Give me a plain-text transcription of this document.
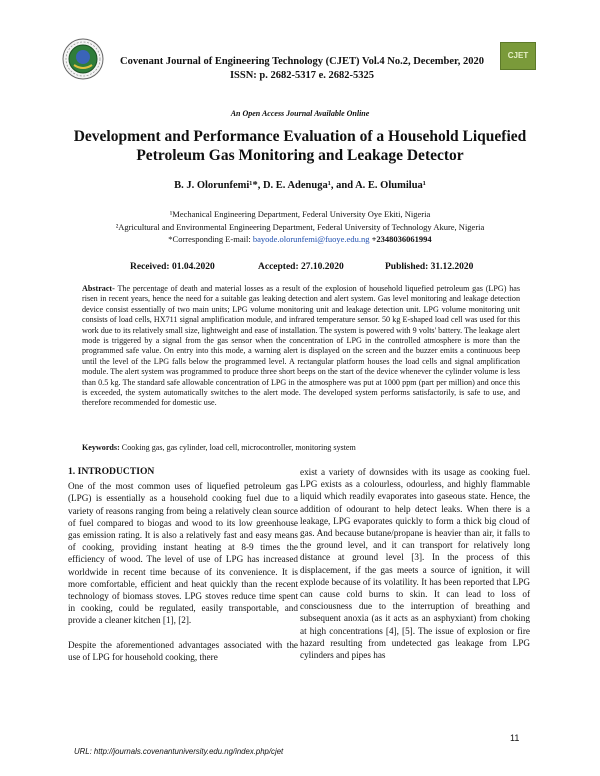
Covenant Journal of Engineering Technology (CJET) Vol.4 No.2, December, 2020
ISSN: p. 2682-5317 e. 2682-5325
CJET
An Open Access Journal Available Online
Development and Performance Evaluation of a Household Liquefied Petroleum Gas Monitoring and Leakage Detector
B. J. Olorunfemi¹*, D. E. Adenuga¹, and A. E. Olumilua¹
¹Mechanical Engineering Department, Federal University Oye Ekiti, Nigeria
²Agricultural and Environmental Engineering Department, Federal University of Technology Akure, Nigeria
*Corresponding E-mail: bayode.olorunfemi@fuoye.edu.ng +2348036061994
Received: 01.04.2020	Accepted: 27.10.2020	Published: 31.12.2020
Abstract- The percentage of death and material losses as a result of the explosion of household liquefied petroleum gas (LPG) has risen in recent years, hence the need for a suitable gas leaking detection and alert system. Gas level monitoring and leakage detection device consist essentially of two main units; LPG volume monitoring unit and leakage detection unit. LPG volume monitoring unit consists of load cells, HX711 signal amplification module, and infrared temperature sensor. 50 kg E-shaped load cell was used for this work due to its relatively small size, lightweight and ease of installation. The system is powered with 9 volts' battery. The leakage alert mode is triggered by a signal from the gas sensor when the concentration of LPG in the controlled atmosphere is more than the programmed safe value. On entry into this mode, a warning alert is displayed on the screen and the buzzer emits a continuous beep until the level of the LPG falls below the programmed level. A rectangular platform houses the load cells and signal amplification module. The alert system was programmed to produce three short beeps on the start of the device whenever the cylinder volume is less than 0.5 kg. The standard safe allowable concentration of LPG in the atmosphere was put at 1000 ppm (part per million) and once this is exceeded, the system automatically switches to the alert mode. The developed system performs satisfactorily, is safe to use, and therefore recommended for domestic use.
Keywords: Cooking gas, gas cylinder, load cell, microcontroller, monitoring system
1. INTRODUCTION

One of the most common uses of liquefied petroleum gas (LPG) is essentially as a household cooking fuel due to a variety of reasons ranging from being a relatively clean source of fuel compared to biogas and wood to its low greenhouse gas emission rating. It is also a relatively fast and easy means of cooking, providing instant heating at 8-9 times the efficiency of wood. The level of use of LPG has increased worldwide in recent time because of its convenience. It is more comfortable, efficient and heat quickly than the recent technology of biomass stoves. LPG stoves reduce time spent in cooking, could be regulated, easily transportable, and provide a cleaner kitchen [1], [2].

Despite the aforementioned advantages associated with the use of LPG for household cooking, there

exist a variety of downsides with its usage as cooking fuel. LPG exists as a colourless, odourless, and highly flammable liquid which readily evaporates into gaseous state. Hence, the addition of odourant to help detect leaks. When there is a leakage, LPG evaporates quickly to form a thick big cloud of gas. And because butane/propane is heavier than air, it falls to the ground level, and it can transport for relatively long distance at ground level [3]. In the process of this displacement, if the gas meets a source of ignition, it will explode because of its volatility. It has been reported that LPG can cause cold burns to skin. It can lead to loss of consciousness due to the interruption of breathing and subsequent anoxia (as it acts as an asphyxiant) from choking at high concentrations [4], [5]. The issue of explosion or fire hazard resulting from undetected gas leakage from LPG cylinders and pipes has

URL: http://journals.covenantuniversity.edu.ng/index.php/cjet
11
